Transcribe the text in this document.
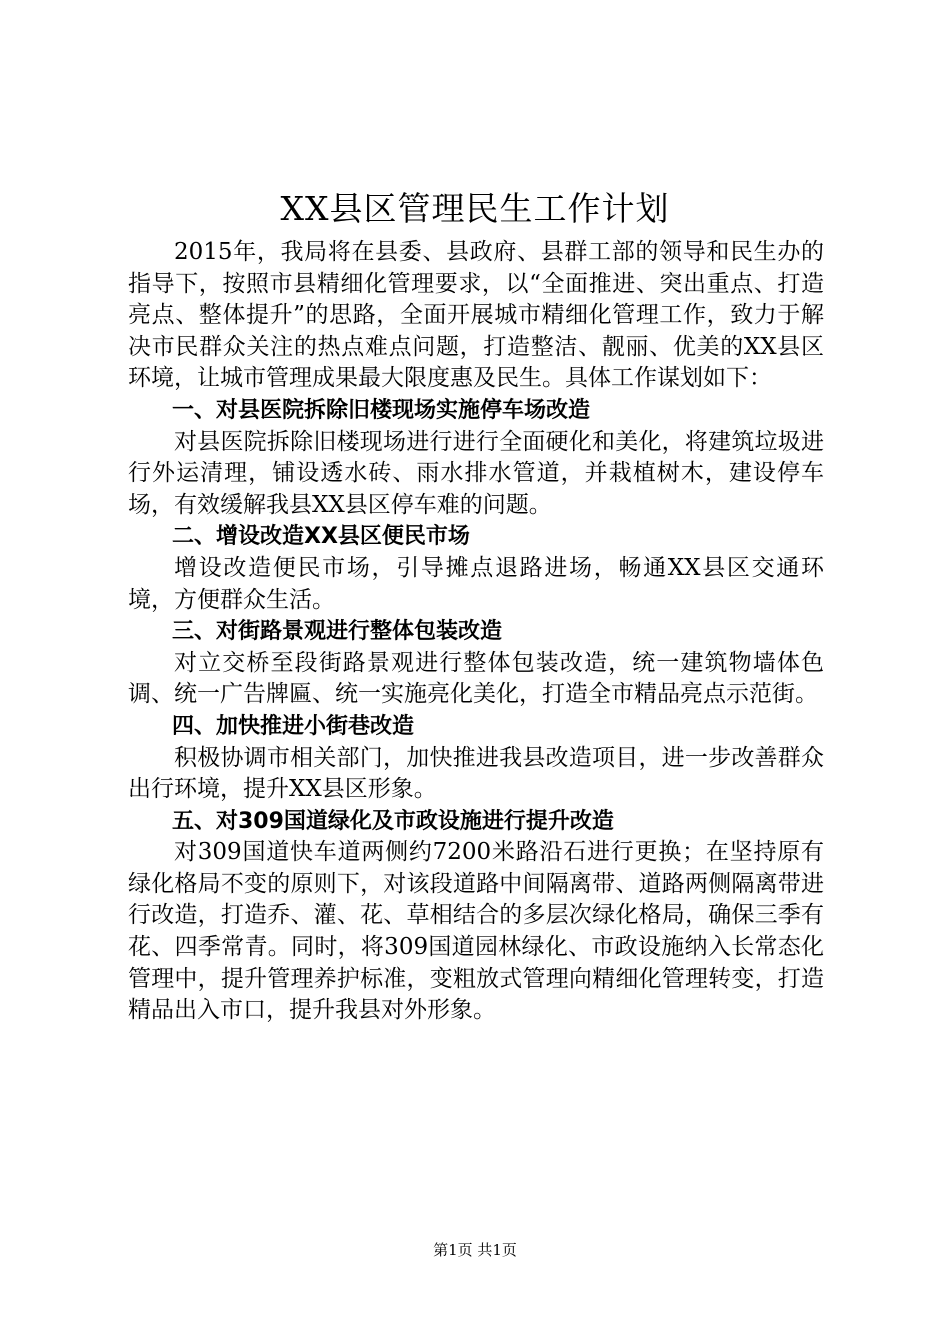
XX县区管理民生工作计划

2015年，我局将在县委、县政府、县群工部的领导和民生办的指导下，按照市县精细化管理要求，以“全面推进、突出重点、打造亮点、整体提升”的思路，全面开展城市精细化管理工作，致力于解决市民群众关注的热点难点问题，打造整洁、靓丽、优美的XX县区环境，让城市管理成果最大限度惠及民生。具体工作谋划如下：

一、对县医院拆除旧楼现场实施停车场改造

对县医院拆除旧楼现场进行进行全面硬化和美化，将建筑垃圾进行外运清理，铺设透水砖、雨水排水管道，并栽植树木，建设停车场，有效缓解我县XX县区停车难的问题。

二、增设改造XX县区便民市场

增设改造便民市场，引导摊点退路进场，畅通XX县区交通环境，方便群众生活。

三、对街路景观进行整体包装改造

对立交桥至段街路景观进行整体包装改造，统一建筑物墙体色调、统一广告牌匾、统一实施亮化美化，打造全市精品亮点示范街。

四、加快推进小街巷改造

积极协调市相关部门，加快推进我县改造项目，进一步改善群众出行环境，提升XX县区形象。

五、对309国道绿化及市政设施进行提升改造

对309国道快车道两侧约7200米路沿石进行更换；在坚持原有绿化格局不变的原则下，对该段道路中间隔离带、道路两侧隔离带进行改造，打造乔、灌、花、草相结合的多层次绿化格局，确保三季有花、四季常青。同时，将309国道园林绿化、市政设施纳入长常态化管理中，提升管理养护标准，变粗放式管理向精细化管理转变，打造精品出入市口，提升我县对外形象。

第1页 共1页
